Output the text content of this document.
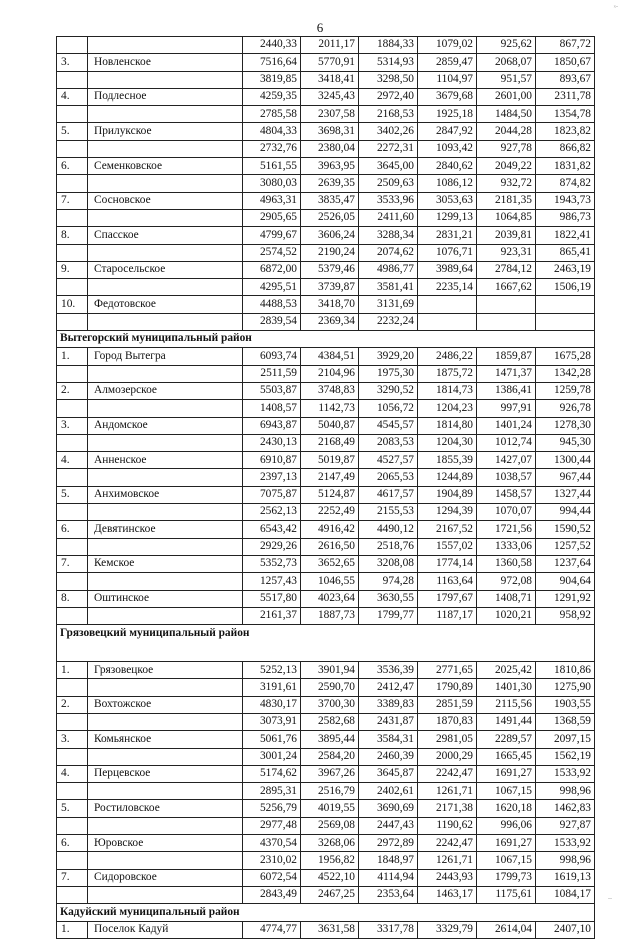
6
ₓ.
		2440,33	2011,17	1884,33	1079,02	925,62	867,72
3.	Новленское	7516,64	5770,91	5314,93	2859,47	2068,07	1850,67
		3819,85	3418,41	3298,50	1104,97	951,57	893,67
4.	Подлесное	4259,35	3245,43	2972,40	3679,68	2601,00	2311,78
		2785,58	2307,58	2168,53	1925,18	1484,50	1354,78
5.	Прилукское	4804,33	3698,31	3402,26	2847,92	2044,28	1823,82
		2732,76	2380,04	2272,31	1093,42	927,78	866,82
6.	Семенковское	5161,55	3963,95	3645,00	2840,62	2049,22	1831,82
		3080,03	2639,35	2509,63	1086,12	932,72	874,82
7.	Сосновское	4963,31	3835,47	3533,96	3053,63	2181,35	1943,73
		2905,65	2526,05	2411,60	1299,13	1064,85	986,73
8.	Спасское	4799,67	3606,24	3288,34	2831,21	2039,81	1822,41
		2574,52	2190,24	2074,62	1076,71	923,31	865,41
9.	Старосельское	6872,00	5379,46	4986,77	3989,64	2784,12	2463,19
		4295,51	3739,87	3581,41	2235,14	1667,62	1506,19
10.	Федотовское	4488,53	3418,70	3131,69			
		2839,54	2369,34	2232,24			
Вытегорский муниципальный район							
1.	Город Вытегра	6093,74	4384,51	3929,20	2486,22	1859,87	1675,28
		2511,59	2104,96	1975,30	1875,72	1471,37	1342,28
2.	Алмозерское	5503,87	3748,83	3290,52	1814,73	1386,41	1259,78
		1408,57	1142,73	1056,72	1204,23	997,91	926,78
3.	Андомское	6943,87	5040,87	4545,57	1814,80	1401,24	1278,30
		2430,13	2168,49	2083,53	1204,30	1012,74	945,30
4.	Анненское	6910,87	5019,87	4527,57	1855,39	1427,07	1300,44
		2397,13	2147,49	2065,53	1244,89	1038,57	967,44
5.	Анхимовское	7075,87	5124,87	4617,57	1904,89	1458,57	1327,44
		2562,13	2252,49	2155,53	1294,39	1070,07	994,44
6.	Девятинское	6543,42	4916,42	4490,12	2167,52	1721,56	1590,52
		2929,26	2616,50	2518,76	1557,02	1333,06	1257,52
7.	Кемское	5352,73	3652,65	3208,08	1774,14	1360,58	1237,64
		1257,43	1046,55	974,28	1163,64	972,08	904,64
8.	Оштинское	5517,80	4023,64	3630,55	1797,67	1408,71	1291,92
		2161,37	1887,73	1799,77	1187,17	1020,21	958,92
Грязовецкий муниципальный район							
1.	Грязовецкое	5252,13	3901,94	3536,39	2771,65	2025,42	1810,86
		3191,61	2590,70	2412,47	1790,89	1401,30	1275,90
2.	Вохтожское	4830,17	3700,30	3389,83	2851,59	2115,56	1903,55
		3073,91	2582,68	2431,87	1870,83	1491,44	1368,59
3.	Комьянское	5061,76	3895,44	3584,31	2981,05	2289,57	2097,15
		3001,24	2584,20	2460,39	2000,29	1665,45	1562,19
4.	Перцевское	5174,62	3967,26	3645,87	2242,47	1691,27	1533,92
		2895,31	2516,79	2402,61	1261,71	1067,15	998,96
5.	Ростиловское	5256,79	4019,55	3690,69	2171,38	1620,18	1462,83
		2977,48	2569,08	2447,43	1190,62	996,06	927,87
6.	Юровское	4370,54	3268,06	2972,89	2242,47	1691,27	1533,92
		2310,02	1956,82	1848,97	1261,71	1067,15	998,96
7.	Сидоровское	6072,54	4522,10	4114,94	2443,93	1799,73	1619,13
		2843,49	2467,25	2353,64	1463,17	1175,61	1084,17
Кадуйский муниципальный район							
1.	Поселок Кадуй	4774,77	3631,58	3317,78	3329,79	2614,04	2407,10
..
